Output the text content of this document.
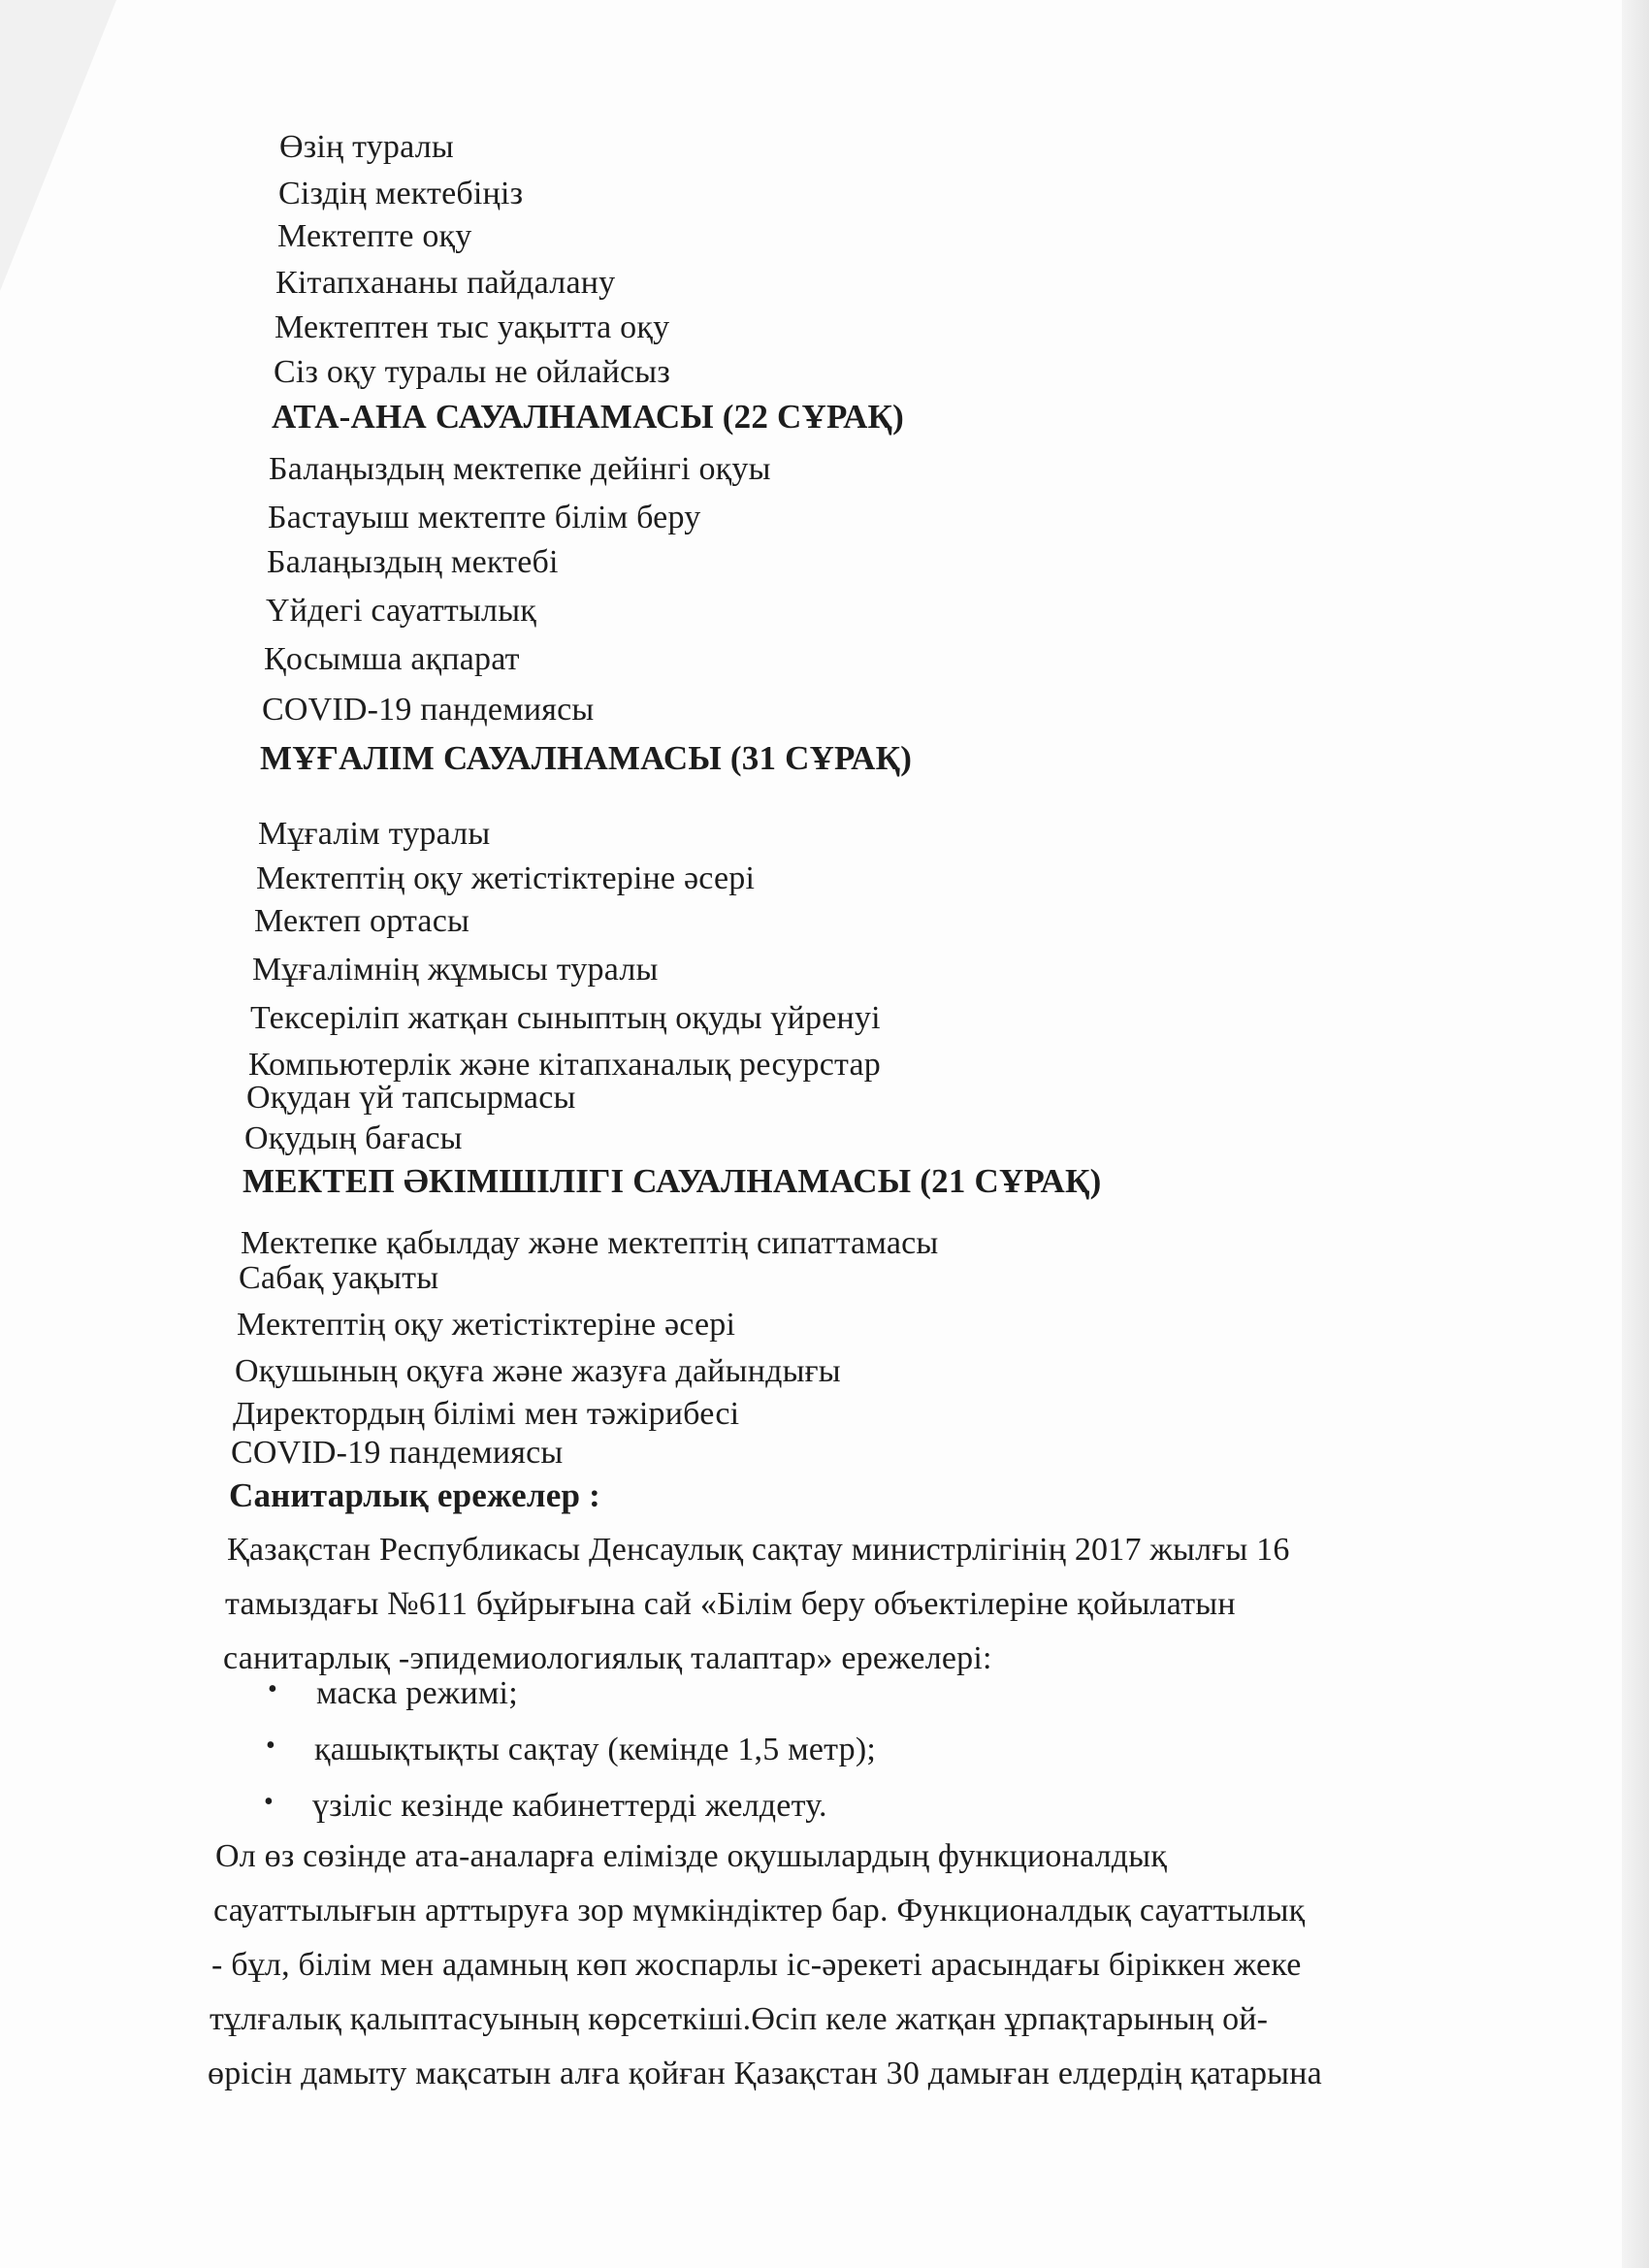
Өзің туралы
Сіздің мектебіңіз
Мектепте оқу
Кітапхананы пайдалану
Мектептен тыс уақытта оқу
Сіз оқу туралы не ойлайсыз
АТА-АНА САУАЛНАМАСЫ (22 СҰРАҚ)
Балаңыздың мектепке дейінгі оқуы
Бастауыш мектепте білім беру
Балаңыздың мектебі
Үйдегі сауаттылық
Қосымша ақпарат
COVID-19 пандемиясы
МҰҒАЛІМ САУАЛНАМАСЫ (31 СҰРАҚ)
Мұғалім туралы
Мектептің оқу жетістіктеріне әсері
Мектеп ортасы
Мұғалімнің жұмысы туралы
Тексеріліп жатқан сыныптың оқуды үйренуі
Компьютерлік және кітапханалық ресурстар
Оқудан үй тапсырмасы
Оқудың бағасы
МЕКТЕП ӘКІМШІЛІГІ САУАЛНАМАСЫ (21 СҰРАҚ)
Мектепке қабылдау және мектептің сипаттамасы
Сабақ уақыты
Мектептің оқу жетістіктеріне әсері
Оқушының оқуға және жазуға дайындығы
Директордың білімі мен тәжірибесі
COVID-19 пандемиясы
Санитарлық ережелер :
Қазақстан Республикасы Денсаулық сақтау министрлігінің 2017 жылғы 16
тамыздағы №611 бұйрығына сай «Білім беру объектілеріне қойылатын
санитарлық -эпидемиологиялық талаптар» ережелері:
• маска режимі;
• қашықтықты сақтау (кемінде 1,5 метр);
• үзіліс кезінде кабинеттерді желдету.
Ол өз сөзінде ата-аналарға елімізде оқушылардың функционалдық
сауаттылығын арттыруға зор мүмкіндіктер бар. Функционалдық сауаттылық
- бұл, білім мен адамның көп жоспарлы іс-әрекеті арасындағы біріккен жеке
тұлғалық қалыптасуының көрсеткіші.Өсіп келе жатқан ұрпақтарының ой-
өрісін дамыту мақсатын алға қойған Қазақстан 30 дамыған елдердің қатарына
